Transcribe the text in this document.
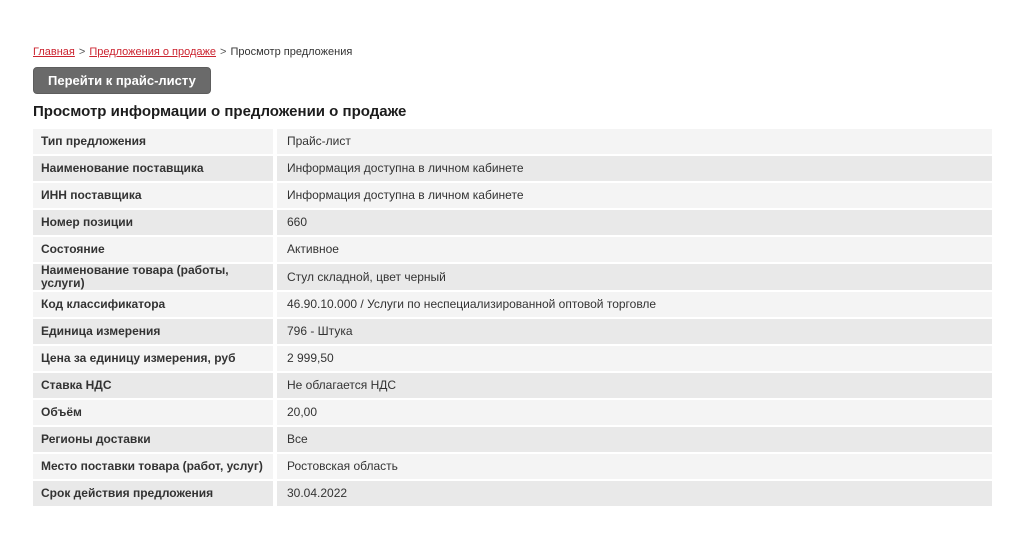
Главная > Предложения о продаже > Просмотр предложения
Перейти к прайс-листу
Просмотр информации о предложении о продаже
Тип предложения	Прайс-лист
Наименование поставщика	Информация доступна в личном кабинете
ИНН поставщика	Информация доступна в личном кабинете
Номер позиции	660
Состояние	Активное
Наименование товара (работы, услуги)	Стул складной, цвет черный
Код классификатора	46.90.10.000 / Услуги по неспециализированной оптовой торговле
Единица измерения	796 - Штука
Цена за единицу измерения, руб	2 999,50
Ставка НДС	Не облагается НДС
Объём	20,00
Регионы доставки	Все
Место поставки товара (работ, услуг)	Ростовская область
Срок действия предложения	30.04.2022
